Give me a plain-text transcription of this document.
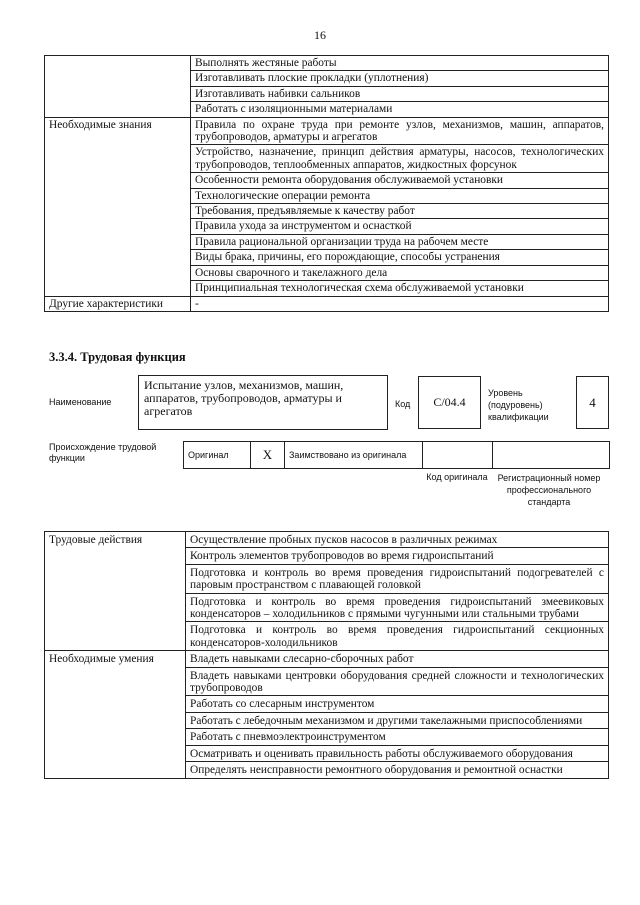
16
	Выполнять жестяные работы
	Изготавливать плоские прокладки (уплотнения)
	Изготавливать набивки сальников
	Работать с изоляционными материалами
Необходимые знания	Правила по охране труда при ремонте узлов, механизмов, машин, аппаратов, трубопроводов, арматуры и агрегатов
	Устройство, назначение, принцип действия арматуры, насосов, технологических трубопроводов, теплообменных аппаратов, жидкостных форсунок
	Особенности ремонта оборудования обслуживаемой установки
	Технологические операции ремонта
	Требования, предъявляемые к качеству работ
	Правила ухода за инструментом и оснасткой
	Правила рациональной организации труда на рабочем месте
	Виды брака, причины, его порождающие, способы устранения
	Основы сварочного и такелажного дела
	Принципиальная технологическая схема обслуживаемой установки
Другие характеристики	-
3.3.4. Трудовая функция
Наименование
Испытание узлов, механизмов, машин, аппаратов, трубопроводов, арматуры и агрегатов	Код	C/04.4
Уровень (подуровень) квалификации
4
Происхождение трудовой функции	Оригинал	X	Заимствовано из оригинала		
Код оригинала	Регистрационный номер профессионального стандарта
Трудовые действия	Осуществление пробных пусков насосов в различных режимах
	Контроль элементов трубопроводов во время гидроиспытаний
	Подготовка и контроль во время проведения гидроиспытаний подогревателей с паровым пространством с плавающей головкой
	Подготовка и контроль во время проведения гидроиспытаний змеевиковых конденсаторов – холодильников с прямыми чугунными или стальными трубами
	Подготовка и контроль во время проведения гидроиспытаний секционных конденсаторов-холодильников
Необходимые умения	Владеть навыками слесарно-сборочных работ
	Владеть навыками центровки оборудования средней сложности и технологических трубопроводов
	Работать со слесарным инструментом
	Работать с лебедочным механизмом и другими такелажными приспособлениями
	Работать с пневмоэлектроинструментом
	Осматривать и оценивать правильность работы обслуживаемого оборудования
	Определять неисправности ремонтного оборудования и ремонтной оснастки
